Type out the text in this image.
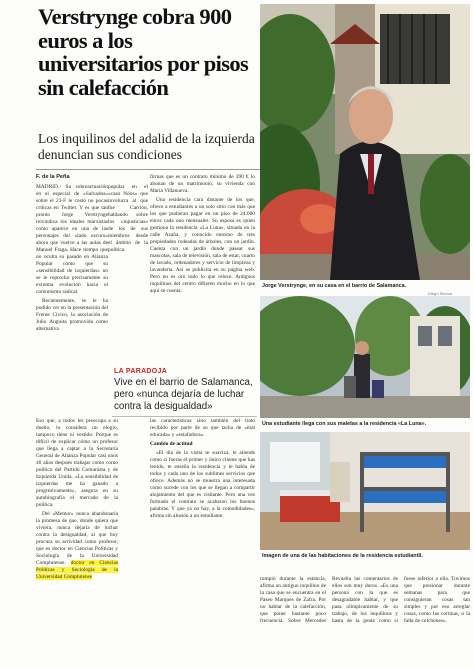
Verstrynge cobra 900 euros a los universitarios por pisos sin calefacción
Los inquilinos del adalid de la izquierda denuncian sus condiciones
F. de la Peña

MADRID.- Su sobreactuación en el especial de «Salvados» sobre el 23-F le costó no pocas críticas en Twitter. Y es que tan pronto Jorge Verstrynge reivindica los ideales marxistas como aparece en una de las personajes del «lado oscuro» ahora que vuelve a las aulas de Manuel Fraga. Hace tiempo que no oculta su pasado en Alianza Popular como que su «sensibilidad de izquierdas» no se le reprocha precisamente su extrema evolución hacia el comunismo radical.

Recientemente, se le ha podido ver en la presentación del Frente Cívico, la asociación de Julio Anguita promovida como alternativa

popular en el «caso Nóos» que involucra al que fue Carrión, hablando sobre los «injusticias» de los de sus miembros desde el ámbito de la política.

firmas que es un contrato mínimo de 390 € lo abonan de un matrimonio, su vivienda con María Villanueva.

Una residencia cara distante de los que, ofrece a estudiantes a un solo sitio con más que los que pudieran pagar en un piso de 24.000 euros cada uno mensuales. Su esposa es quien gestiona la residencia «La Luna», situada en la calle Azaña, y conocido entorno de tres propiedades rodeadas de árboles, con un jardín. Cuenta con un jardín donde pasear sus mascotas, sala de televisión, sala de estar, cuarto de lavado, ordenadores y servicio de limpieza y lavandería. Así se publicita en su página web. Pero no es oro todo lo que reluce. Antiguos inquilinos del centro difieren mucho en lo que aquí se cuenta.

LA PARADOJA
Vive en el barrio de Salamanca, pero «nunca dejaría de luchar contra la desigualdad»

Eso que, a todos les preocupa a su dueño, lo considera un elogio, tampoco tiene ni vestido. Porque es difícil de explicar cómo un profesor que llega a captar a la Secretaría General de Alianza Popular casi unos 40 años después trabajar como como político del Partido Comunista y de Izquierda Unida. «La sensibilidad de izquierdas me ha ganado a progresivamente», asegura en su autobiografía el mercado de la política.

Del «Memor» nunca abandonaría la promesa de que, donde quiera que viviera, nunca dejaría de luchar contra la desigualdad, al que hoy procura su actividad como profesor, que es doctor en Ciencias Políticas y Sociología de la Universidad Complutense. doctor en Ciencias Políticas y Sociología de la Universidad Complutense

las características sino también del trato recibido por parte de su que tacha de «mal educada» y «estafadora».

Cambio de actitud

«El día de la visita te suaviza, te atiende como si fueras el primer y único cliente que has tenido, te enseña la residencia y te habla de todos y cada uno de los sublimes servicios que ofrece. Además no se muestra una interesada como sucede con los que se llegan a compartir alojamiento del que es visitante. Pero una vez formado el contrato se acabaron los buenos palabras. Y que ya no hay, a la comodidades», afirma sin alusión a un estudiante.

rompió durante la estancia, afirma un antiguo inquilino de la casa que se encuentra en el Paseo Marqués de Zafra. Por no hablar de la calefacción, que poner bastante poco frecuencia. Sobre Mercedes Revuelta las comentarios de ellos son muy duros. «Es una persona con la que es desagradable hablar, y que pasa olímpicamente de su trabajo, de los inquilinos y hasta de la gente como si fuese inferior a ella. Tuvimos que presionar durante semanas para que consiguieran cosas tan simples y por eso arreglar cosas, como las cortinas, o la falta de colchones».

Jorge Verstrynge, en su casa en el barrio de Salamanca.
Diego Sinova
Una estudiante llega con sus maletas a la residencia «La Luna».
Imagen de una de las habitaciones de la residencia estudiantil.
